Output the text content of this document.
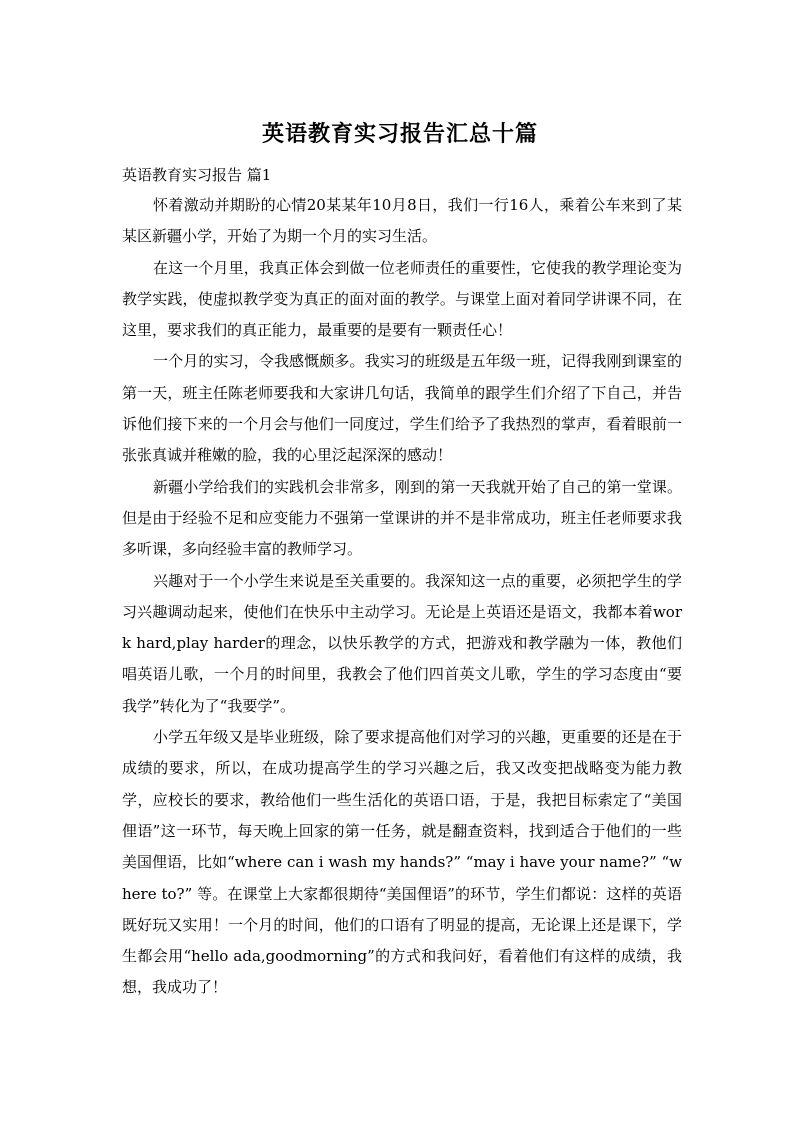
英语教育实习报告汇总十篇
英语教育实习报告 篇1

怀着激动并期盼的心情20某某年10月8日，我们一行16人，乘着公车来到了某某区新疆小学，开始了为期一个月的实习生活。

在这一个月里，我真正体会到做一位老师责任的重要性，它使我的教学理论变为教学实践，使虚拟教学变为真正的面对面的教学。与课堂上面对着同学讲课不同，在这里，要求我们的真正能力，最重要的是要有一颗责任心！

一个月的实习，令我感慨颇多。我实习的班级是五年级一班，记得我刚到课室的第一天，班主任陈老师要我和大家讲几句话，我简单的跟学生们介绍了下自己，并告诉他们接下来的一个月会与他们一同度过，学生们给予了我热烈的掌声，看着眼前一张张真诚并稚嫩的脸，我的心里泛起深深的感动！

新疆小学给我们的实践机会非常多，刚到的第一天我就开始了自己的第一堂课。但是由于经验不足和应变能力不强第一堂课讲的并不是非常成功，班主任老师要求我多听课，多向经验丰富的教师学习。

兴趣对于一个小学生来说是至关重要的。我深知这一点的重要，必须把学生的学习兴趣调动起来，使他们在快乐中主动学习。无论是上英语还是语文，我都本着work hard,play harder的理念，以快乐教学的方式，把游戏和教学融为一体，教他们唱英语儿歌，一个月的时间里，我教会了他们四首英文儿歌，学生的学习态度由“要我学”转化为了“我要学”。

小学五年级又是毕业班级，除了要求提高他们对学习的兴趣，更重要的还是在于成绩的要求，所以，在成功提高学生的学习兴趣之后，我又改变把战略变为能力教学，应校长的要求，教给他们一些生活化的英语口语，于是，我把目标索定了“美国俚语”这一环节，每天晚上回家的第一任务，就是翻查资料，找到适合于他们的一些美国俚语，比如“where can i wash my hands?” “may i have your name?” “where to?” 等。在课堂上大家都很期待“美国俚语”的环节，学生们都说：这样的英语既好玩又实用！一个月的时间，他们的口语有了明显的提高，无论课上还是课下，学生都会用“hello ada,goodmorning”的方式和我问好，看着他们有这样的成绩，我想，我成功了！
